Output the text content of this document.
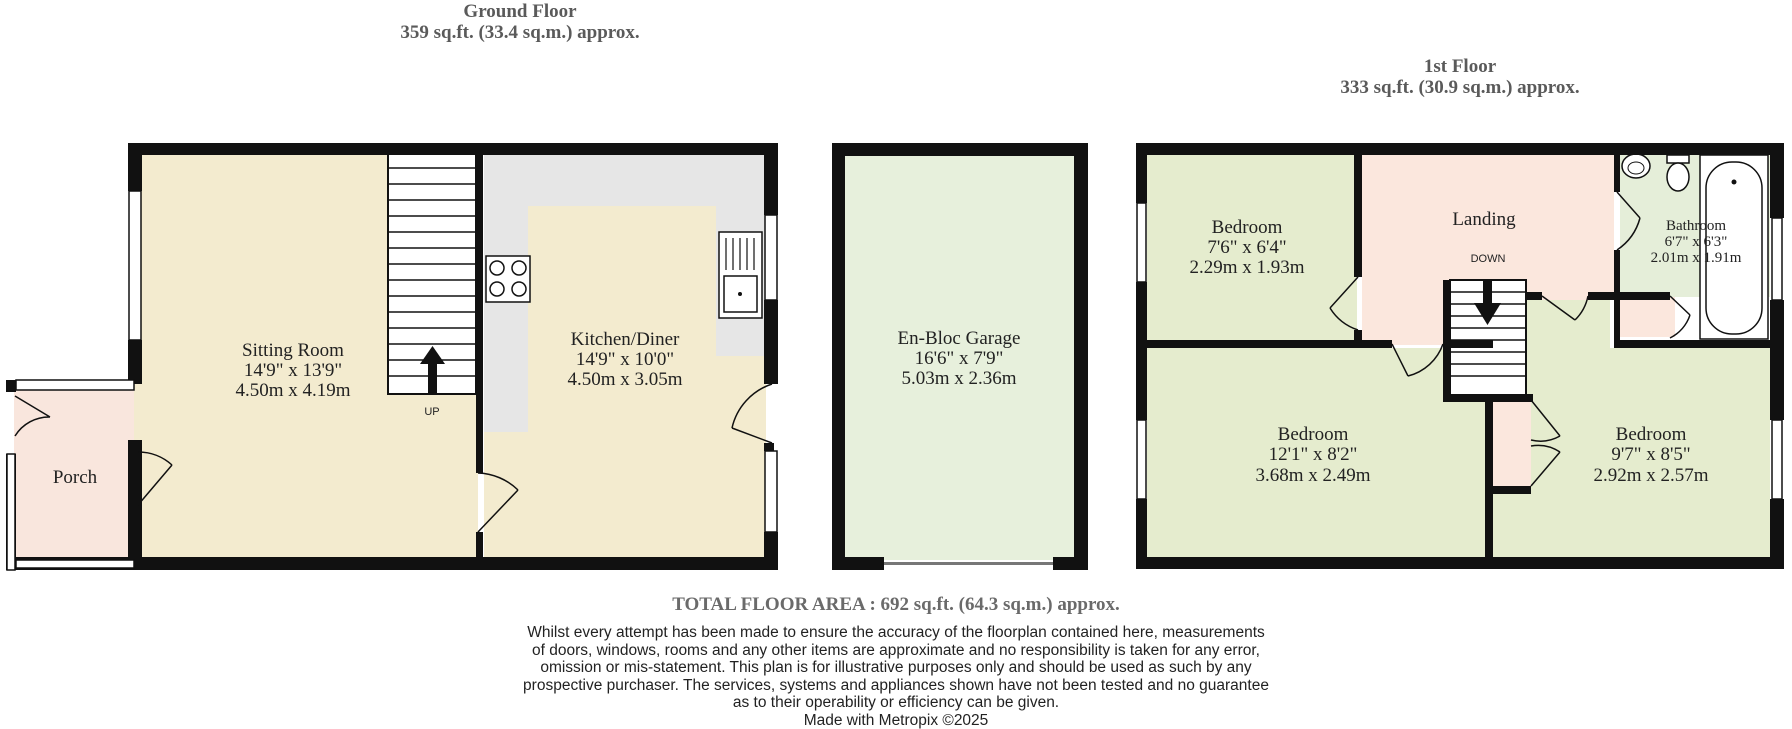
Ground Floor
359 sq.ft. (33.4 sq.m.) approx.
1st Floor
333 sq.ft. (30.9 sq.m.) approx.
UP
Sitting Room
14'9" x 13'9"
4.50m x 4.19m
Kitchen/Diner
14'9" x 10'0"
4.50m x 3.05m
Porch
En-Bloc Garage
16'6" x 7'9"
5.03m x 2.36m
DOWN
Bedroom
7'6" x 6'4"
2.29m x 1.93m
Landing	Bathroom
6'7" x 6'3"
2.01m x 1.91m
Bedroom
12'1" x 8'2"
3.68m x 2.49m
Bedroom
9'7" x 8'5"
2.92m x 2.57m
TOTAL FLOOR AREA : 692 sq.ft. (64.3 sq.m.) approx.
Whilst every attempt has been made to ensure the accuracy of the floorplan contained here, measurements
of doors, windows, rooms and any other items are approximate and no responsibility is taken for any error,
omission or mis-statement. This plan is for illustrative purposes only and should be used as such by any
prospective purchaser. The services, systems and appliances shown have not been tested and no guarantee
as to their operability or efficiency can be given.
Made with Metropix ©2025
